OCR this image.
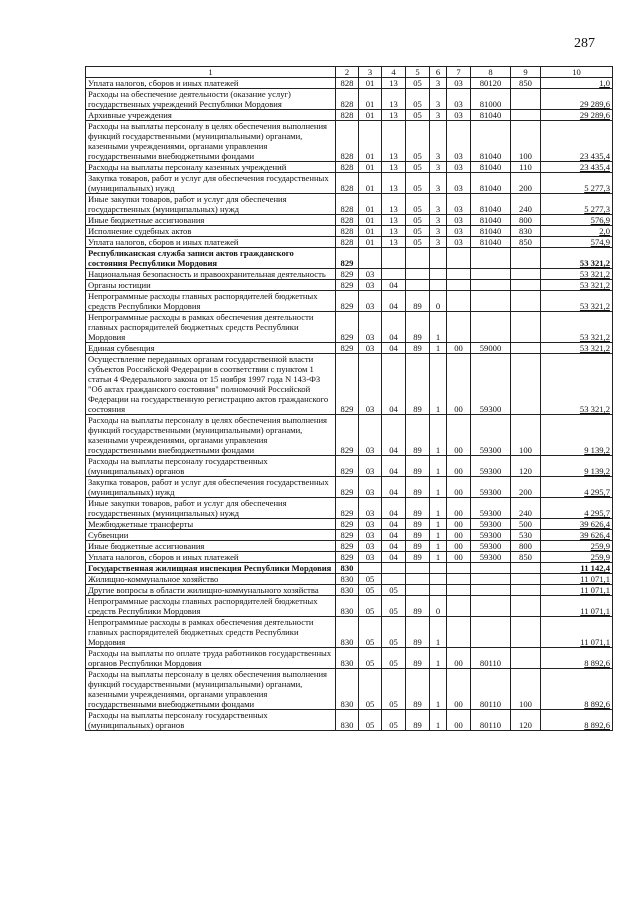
287
1	2	3	4	5	6	7	8	9	10
Уплата налогов, сборов и иных платежей	828	01	13	05	3	03	80120	850	1,0
Расходы на обеспечение деятельности (оказание услуг) государственных учреждений Республики Мордовия	828	01	13	05	3	03	81000		29 289,6
Архивные учреждения	828	01	13	05	3	03	81040		29 289,6
Расходы на выплаты персоналу в целях обеспечения выполнения функций государственными (муниципальными) органами, казенными учреждениями, органами управления государственными внебюджетными фондами	828	01	13	05	3	03	81040	100	23 435,4
Расходы на выплаты персоналу казенных учреждений	828	01	13	05	3	03	81040	110	23 435,4
Закупка товаров, работ и услуг для обеспечения государственных (муниципальных) нужд	828	01	13	05	3	03	81040	200	5 277,3
Иные закупки товаров, работ и услуг для обеспечения государственных (муниципальных) нужд	828	01	13	05	3	03	81040	240	5 277,3
Иные бюджетные ассигнования	828	01	13	05	3	03	81040	800	576,9
Исполнение судебных актов	828	01	13	05	3	03	81040	830	2,0
Уплата налогов, сборов и иных платежей	828	01	13	05	3	03	81040	850	574,9
Республиканская служба записи актов гражданского состояния Республики Мордовия	829								53 321,2
Национальная безопасность и правоохранительная деятельность	829	03							53 321,2
Органы юстиции	829	03	04						53 321,2
Непрограммные расходы главных распорядителей бюджетных средств Республики Мордовия	829	03	04	89	0				53 321,2
Непрограммные расходы в рамках обеспечения деятельности главных распорядителей бюджетных средств Республики Мордовия	829	03	04	89	1				53 321,2
Единая субвенция	829	03	04	89	1	00	59000		53 321,2
Осуществление переданных органам государственной власти субъектов Российской Федерации в соответствии с пунктом 1 статьи 4 Федерального закона от 15 ноября 1997 года N 143-ФЗ "Об актах гражданского состояния" полномочий Российской Федерации на государственную регистрацию актов гражданского состояния	829	03	04	89	1	00	59300		53 321,2
Расходы на выплаты персоналу в целях обеспечения выполнения функций государственными (муниципальными) органами, казенными учреждениями, органами управления государственными внебюджетными фондами	829	03	04	89	1	00	59300	100	9 139,2
Расходы на выплаты персоналу государственных (муниципальных) органов	829	03	04	89	1	00	59300	120	9 139,2
Закупка товаров, работ и услуг для обеспечения государственных (муниципальных) нужд	829	03	04	89	1	00	59300	200	4 295,7
Иные закупки товаров, работ и услуг для обеспечения государственных (муниципальных) нужд	829	03	04	89	1	00	59300	240	4 295,7
Межбюджетные трансферты	829	03	04	89	1	00	59300	500	39 626,4
Субвенции	829	03	04	89	1	00	59300	530	39 626,4
Иные бюджетные ассигнования	829	03	04	89	1	00	59300	800	259,9
Уплата налогов, сборов и иных платежей	829	03	04	89	1	00	59300	850	259,9
Государственная жилищная инспекция Республики Мордовия	830								11 142,4
Жилищно-коммунальное хозяйство	830	05							11 071,1
Другие вопросы в области жилищно-коммунального хозяйства	830	05	05						11 071,1
Непрограммные расходы главных распорядителей бюджетных средств Республики Мордовия	830	05	05	89	0				11 071,1
Непрограммные расходы в рамках обеспечения деятельности главных распорядителей бюджетных средств Республики Мордовия	830	05	05	89	1				11 071,1
Расходы на выплаты по оплате труда работников государственных органов Республики Мордовия	830	05	05	89	1	00	80110		8 892,6
Расходы на выплаты персоналу в целях обеспечения выполнения функций государственными (муниципальными) органами, казенными учреждениями, органами управления государственными внебюджетными фондами	830	05	05	89	1	00	80110	100	8 892,6
Расходы на выплаты персоналу государственных (муниципальных) органов	830	05	05	89	1	00	80110	120	8 892,6
